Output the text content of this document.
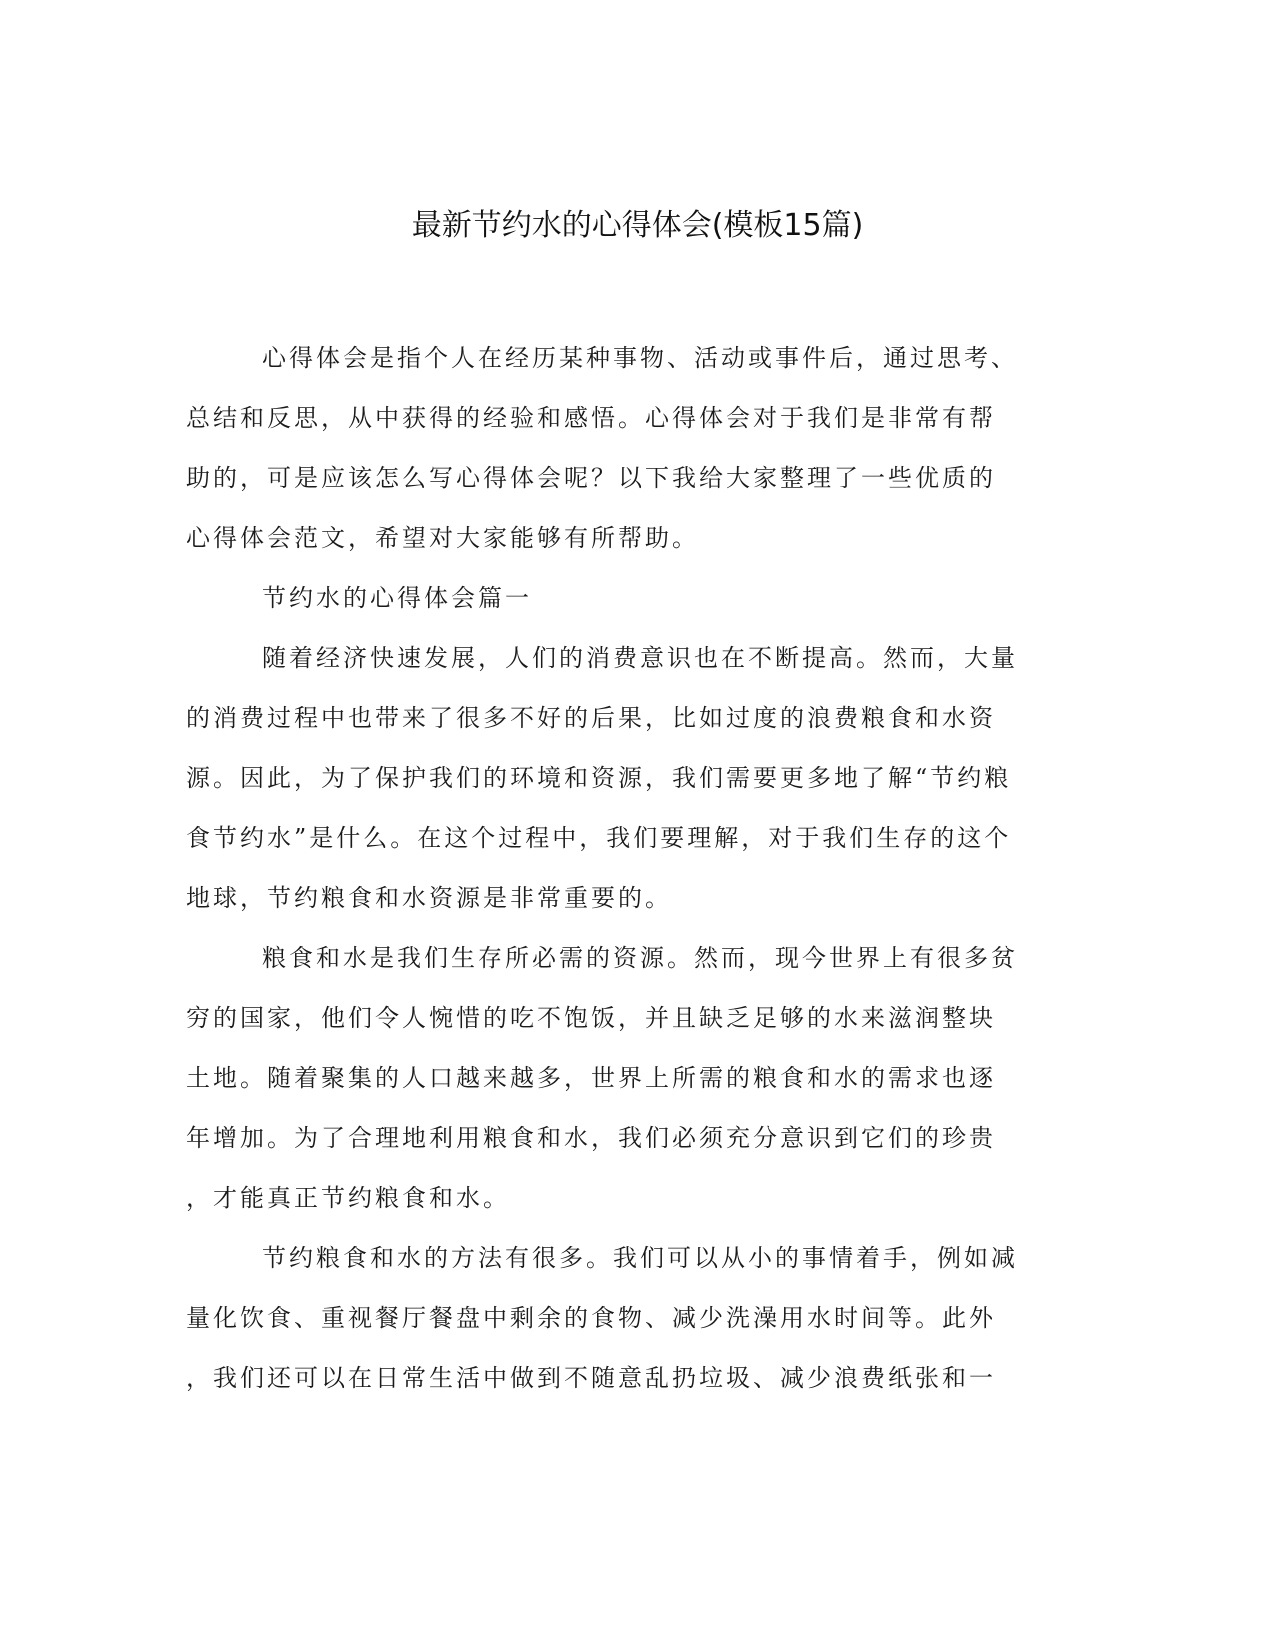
最新节约水的心得体会(模板15篇)
心得体会是指个人在经历某种事物、活动或事件后，通过思考、
总结和反思，从中获得的经验和感悟。心得体会对于我们是非常有帮
助的，可是应该怎么写心得体会呢？以下我给大家整理了一些优质的
心得体会范文，希望对大家能够有所帮助。
节约水的心得体会篇一
随着经济快速发展，人们的消费意识也在不断提高。然而，大量
的消费过程中也带来了很多不好的后果，比如过度的浪费粮食和水资
源。因此，为了保护我们的环境和资源，我们需要更多地了解“节约粮
食节约水”是什么。在这个过程中，我们要理解，对于我们生存的这个
地球，节约粮食和水资源是非常重要的。
粮食和水是我们生存所必需的资源。然而，现今世界上有很多贫
穷的国家，他们令人惋惜的吃不饱饭，并且缺乏足够的水来滋润整块
土地。随着聚集的人口越来越多，世界上所需的粮食和水的需求也逐
年增加。为了合理地利用粮食和水，我们必须充分意识到它们的珍贵
，才能真正节约粮食和水。
节约粮食和水的方法有很多。我们可以从小的事情着手，例如减
量化饮食、重视餐厅餐盘中剩余的食物、减少洗澡用水时间等。此外
，我们还可以在日常生活中做到不随意乱扔垃圾、减少浪费纸张和一
